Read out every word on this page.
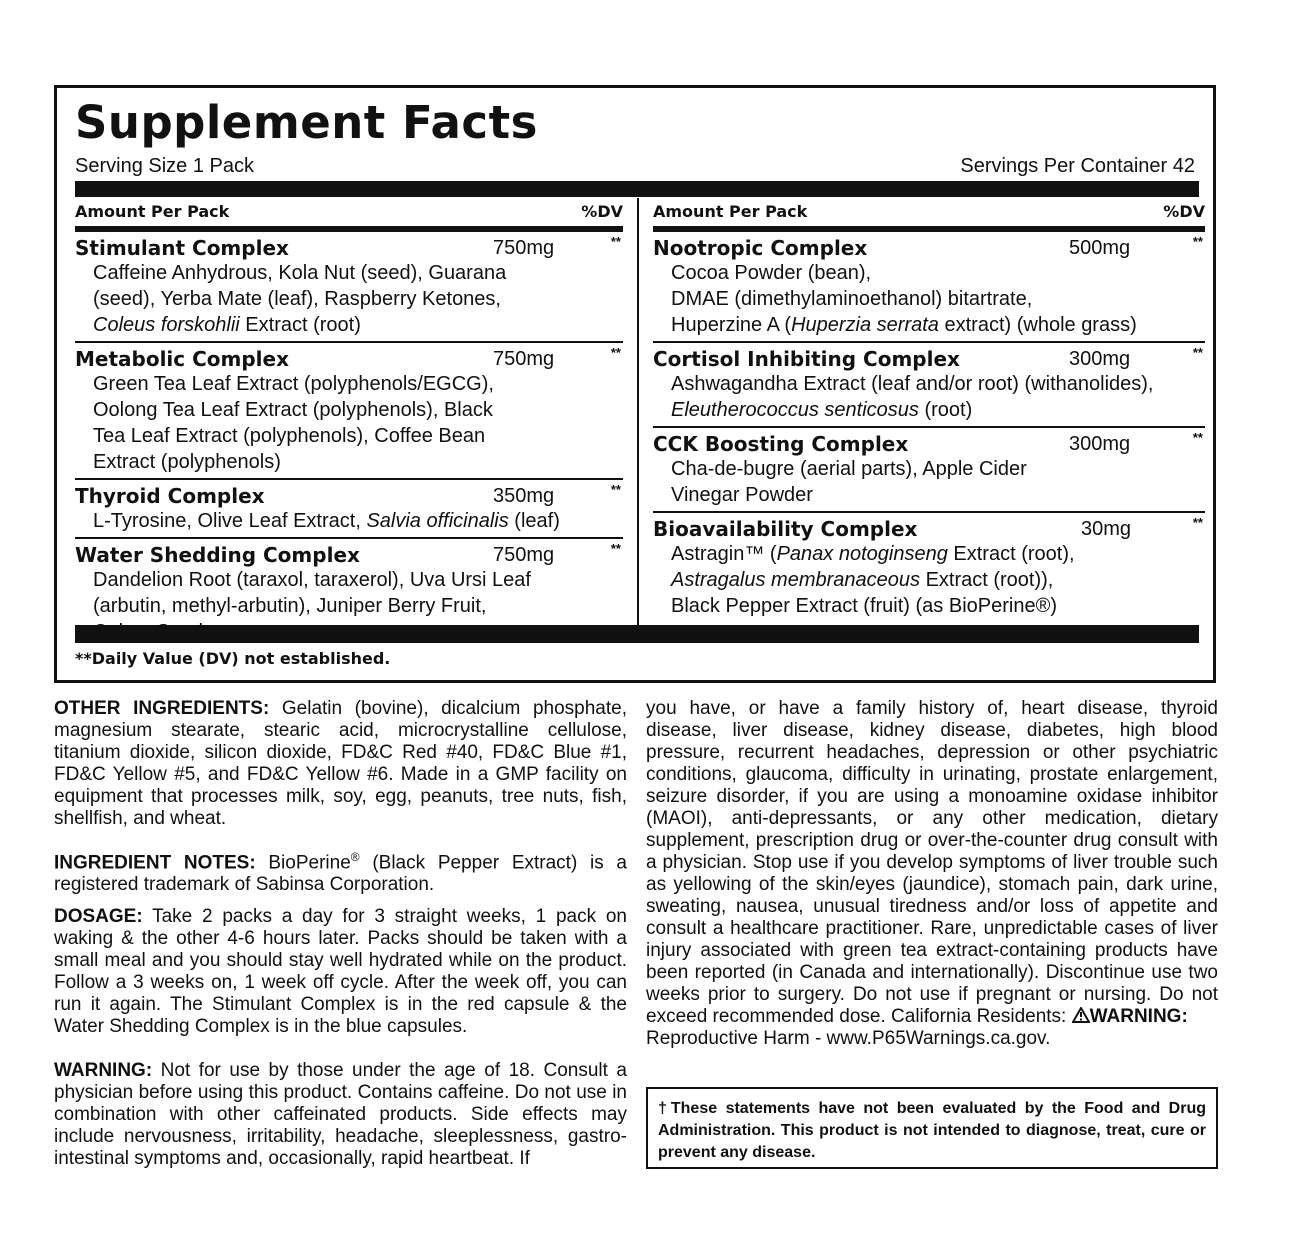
Supplement Facts
Serving Size 1 Pack	Servings Per Container 42
Amount Per Pack	%DV
Stimulant Complex	750mg	**
Caffeine Anhydrous, Kola Nut (seed), Guarana
(seed), Yerba Mate (leaf), Raspberry Ketones,
Coleus forskohlii Extract (root)
Metabolic Complex	750mg	**
Green Tea Leaf Extract (polyphenols/EGCG),
Oolong Tea Leaf Extract (polyphenols), Black
Tea Leaf Extract (polyphenols), Coffee Bean
Extract (polyphenols)
Thyroid Complex	350mg	**
L-Tyrosine, Olive Leaf Extract, Salvia officinalis (leaf)
Water Shedding Complex	750mg	**
Dandelion Root (taraxol, taraxerol), Uva Ursi Leaf
(arbutin, methyl-arbutin), Juniper Berry Fruit,
Amount Per Pack	%DV
Nootropic Complex	500mg	**
Cocoa Powder (bean),
DMAE (dimethylaminoethanol) bitartrate,
Huperzine A (Huperzia serrata extract) (whole grass)
Cortisol Inhibiting Complex	300mg	**
Ashwagandha Extract (leaf and/or root) (withanolides),
Eleutherococcus senticosus (root)
CCK Boosting Complex	300mg	**
Cha-de-bugre (aerial parts), Apple Cider
Vinegar Powder
Bioavailability Complex	30mg	**
Astragin™ (Panax notoginseng Extract (root),
Astragalus membranaceous Extract (root)),
Black Pepper Extract (fruit) (as BioPerine®)
**Daily Value (DV) not established.

OTHER INGREDIENTS: Gelatin (bovine), dicalcium phosphate, magnesium stearate, stearic acid, microcrystalline cellulose, titanium dioxide, silicon dioxide, FD&C Red #40, FD&C Blue #1, FD&C Yellow #5, and FD&C Yellow #6. Made in a GMP facility on equipment that processes milk, soy, egg, peanuts, tree nuts, fish, shellfish, and wheat.

INGREDIENT NOTES: BioPerine® (Black Pepper Extract) is a registered trademark of Sabinsa Corporation.

DOSAGE: Take 2 packs a day for 3 straight weeks, 1 pack on waking & the other 4-6 hours later. Packs should be taken with a small meal and you should stay well hydrated while on the product. Follow a 3 weeks on, 1 week off cycle. After the week off, you can run it again. The Stimulant Complex is in the red capsule & the Water Shedding Complex is in the blue capsules.

WARNING: Not for use by those under the age of 18. Consult a physician before using this product. Contains caffeine. Do not use in combination with other caffeinated products. Side effects may include nervousness, irritability, headache, sleeplessness, gastro-intestinal symptoms and, occasionally, rapid heartbeat. If

you have, or have a family history of, heart disease, thyroid disease, liver disease, kidney disease, diabetes, high blood pressure, recurrent headaches, depression or other psychiatric conditions, glaucoma, difficulty in urinating, prostate enlargement, seizure disorder, if you are using a monoamine oxidase inhibitor (MAOI), anti-depressants, or any other medication, dietary supplement, prescription drug or over-the-counter drug consult with a physician. Stop use if you develop symptoms of liver trouble such as yellowing of the skin/eyes (jaundice), stomach pain, dark urine, sweating, nausea, unusual tiredness and/or loss of appetite and consult a healthcare practitioner. Rare, unpredictable cases of liver injury associated with green tea extract-containing products have been reported (in Canada and internationally). Discontinue use two weeks prior to surgery. Do not use if pregnant or nursing. Do not exceed recommended dose. California Residents: WARNING:
Reproductive Harm - www.P65Warnings.ca.gov.

†These statements have not been evaluated by the Food and Drug Administration. This product is not intended to diagnose, treat, cure or prevent any disease.
